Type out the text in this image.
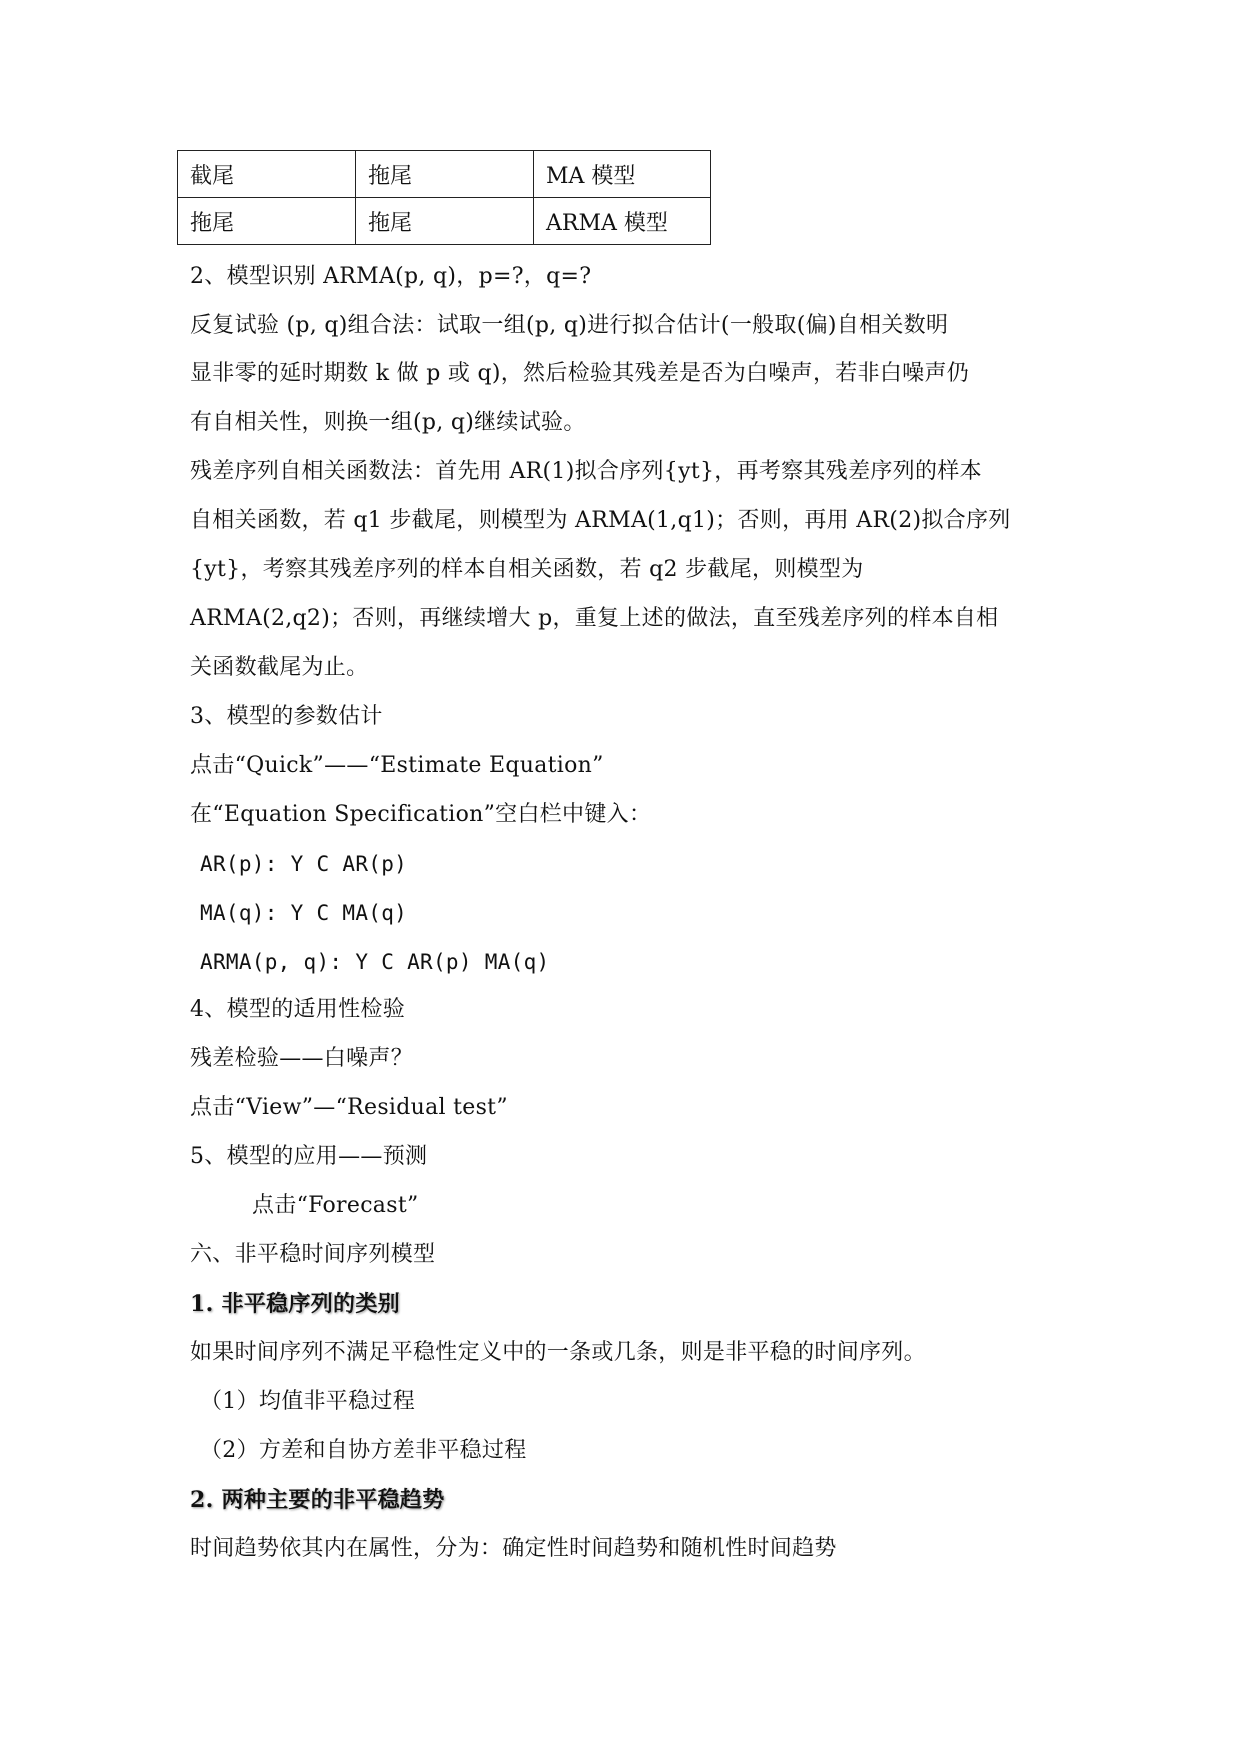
截尾	拖尾	MA 模型
拖尾	拖尾	ARMA 模型
2、模型识别 ARMA(p, q)，p=?，q=?
反复试验 (p, q)组合法：试取一组(p, q)进行拟合估计(一般取(偏)自相关数明
显非零的延时期数 k 做 p 或 q)，然后检验其残差是否为白噪声，若非白噪声仍
有自相关性，则换一组(p, q)继续试验。
残差序列自相关函数法：首先用 AR(1)拟合序列{yt}，再考察其残差序列的样本
自相关函数，若 q1 步截尾，则模型为 ARMA(1,q1)；否则，再用 AR(2)拟合序列
{yt}，考察其残差序列的样本自相关函数，若 q2 步截尾，则模型为
ARMA(2,q2)；否则，再继续增大 p，重复上述的做法，直至残差序列的样本自相
关函数截尾为止。
3、模型的参数估计
点击“Quick”——“Estimate Equation”
在“Equation Specification”空白栏中键入：
AR(p): Y C AR(p)
MA(q): Y C MA(q)
ARMA(p, q): Y C AR(p) MA(q)
4、模型的适用性检验
残差检验——白噪声？
点击“View”—“Residual test”
5、模型的应用——预测
点击“Forecast”
六、非平稳时间序列模型
1. 非平稳序列的类别
如果时间序列不满足平稳性定义中的一条或几条，则是非平稳的时间序列。
（1）均值非平稳过程
（2）方差和自协方差非平稳过程
2. 两种主要的非平稳趋势
时间趋势依其内在属性，分为：确定性时间趋势和随机性时间趋势
